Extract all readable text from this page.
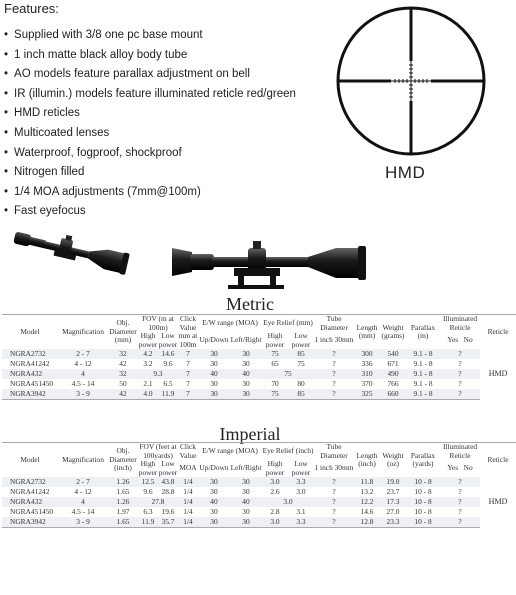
Features:
• Supplied with 3/8 one pc base mount
• 1 inch matte black alloy body tube
• AO models feature parallax adjustment on bell
• IR (illumin.) models feature illuminated reticle red/green
• HMD reticles
• Multicoated lenses
• Waterproof, fogproof, shockproof
• Nitrogen filled
• 1/4 MOA adjustments (7mm@100m)
• Fast eyefocus
HMD
Metric
Model	Magnification	Obj. Diameter (mm)	FOV (m at 100m)		Click Value mm at 100m	E/W range (MOA)		Eye Relief (mm)		Tube Diameter	Length (mm)	Weight (grams)	Parallax (m)	Illuminated Reticle	Reticle
			High power	Low power		Up/Down	Left/Right	High power	Low power	1 inch 30mm				Yes No	
NGRA2732	2 - 7	32	4.2	14.6	7	30	30	75	85	?	300	540	9.1 - 8	?	HMD
NGRA41242	4 - 12	42	3.2	9.6	7	30	30	65	75	?	336	671	9.1 - 8	?	
NGRA432	4	32	9.3		7	40	40	75		?	310	490	9.1 - 8	?	
NGRA451450	4.5 - 14	50	2.1	6.5	7	30	30	70	80	?	370	766	9.1 - 8	?	
NGRA3942	3 - 9	42	4.0	11.9	7	30	30	75	85	?	325	660	9.1 - 8	?	
Imperial
Model	Magnification	Obj. Diameter (inch)	FOV (feet at 100yards)		Click Value	E/W range (MOA)		Eye Relief (inch)		Tube Diameter	Length (inch)	Weight (oz)	Parallax (yards)	Illuminated Reticle	Reticle
			High power	Low power	MOA	Up/Down	Left/Right	High power	Low power	1 inch 30mm				Yes No	
NGRA2732	2 - 7	1.26	12.5	43.8	1/4	30	30	3.0	3.3	?	11.8	19.0	10 - 8	?	HMD
NGRA41242	4 - 12	1.65	9.6	28.8	1/4	30	30	2.6	3.0	?	13.2	23.7	10 - 8	?	
NGRA432	4	1.26	27.8		1/4	40	40	3.0		?	12.2	17.3	10 - 8	?	
NGRA451450	4.5 - 14	1.97	6.3	19.6	1/4	30	30	2.8	3.1	?	14.6	27.0	10 - 8	?	
NGRA3942	3 - 9	1.65	11.9	35.7	1/4	30	30	3.0	3.3	?	12.8	23.3	10 - 8	?	
